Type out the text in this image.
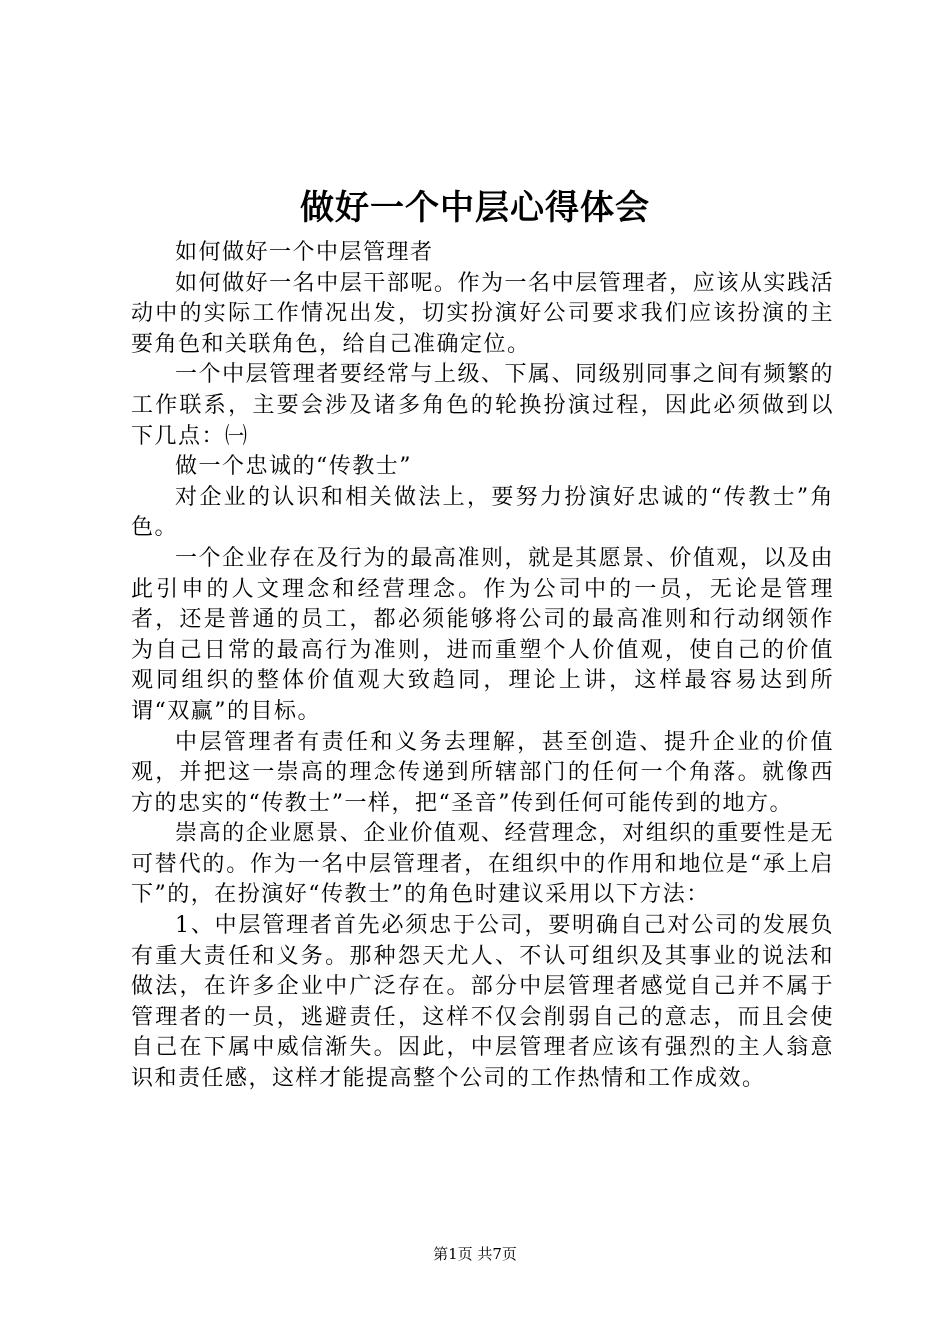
做好一个中层心得体会

如何做好一个中层管理者

如何做好一名中层干部呢。作为一名中层管理者，应该从实践活动中的实际工作情况出发，切实扮演好公司要求我们应该扮演的主要角色和关联角色，给自己准确定位。

一个中层管理者要经常与上级、下属、同级别同事之间有频繁的工作联系，主要会涉及诸多角色的轮换扮演过程，因此必须做到以下几点：㈠

做一个忠诚的“传教士”

对企业的认识和相关做法上，要努力扮演好忠诚的“传教士”角色。

一个企业存在及行为的最高准则，就是其愿景、价值观，以及由此引申的人文理念和经营理念。作为公司中的一员，无论是管理者，还是普通的员工，都必须能够将公司的最高准则和行动纲领作为自己日常的最高行为准则，进而重塑个人价值观，使自己的价值观同组织的整体价值观大致趋同，理论上讲，这样最容易达到所谓“双赢”的目标。

中层管理者有责任和义务去理解，甚至创造、提升企业的价值观，并把这一崇高的理念传递到所辖部门的任何一个角落。就像西方的忠实的“传教士”一样，把“圣音”传到任何可能传到的地方。

崇高的企业愿景、企业价值观、经营理念，对组织的重要性是无可替代的。作为一名中层管理者，在组织中的作用和地位是“承上启下”的，在扮演好“传教士”的角色时建议采用以下方法：

1、中层管理者首先必须忠于公司，要明确自己对公司的发展负有重大责任和义务。那种怨天尤人、不认可组织及其事业的说法和做法，在许多企业中广泛存在。部分中层管理者感觉自己并不属于管理者的一员，逃避责任，这样不仅会削弱自己的意志，而且会使自己在下属中威信渐失。因此，中层管理者应该有强烈的主人翁意识和责任感，这样才能提高整个公司的工作热情和工作成效。

第1页 共7页
